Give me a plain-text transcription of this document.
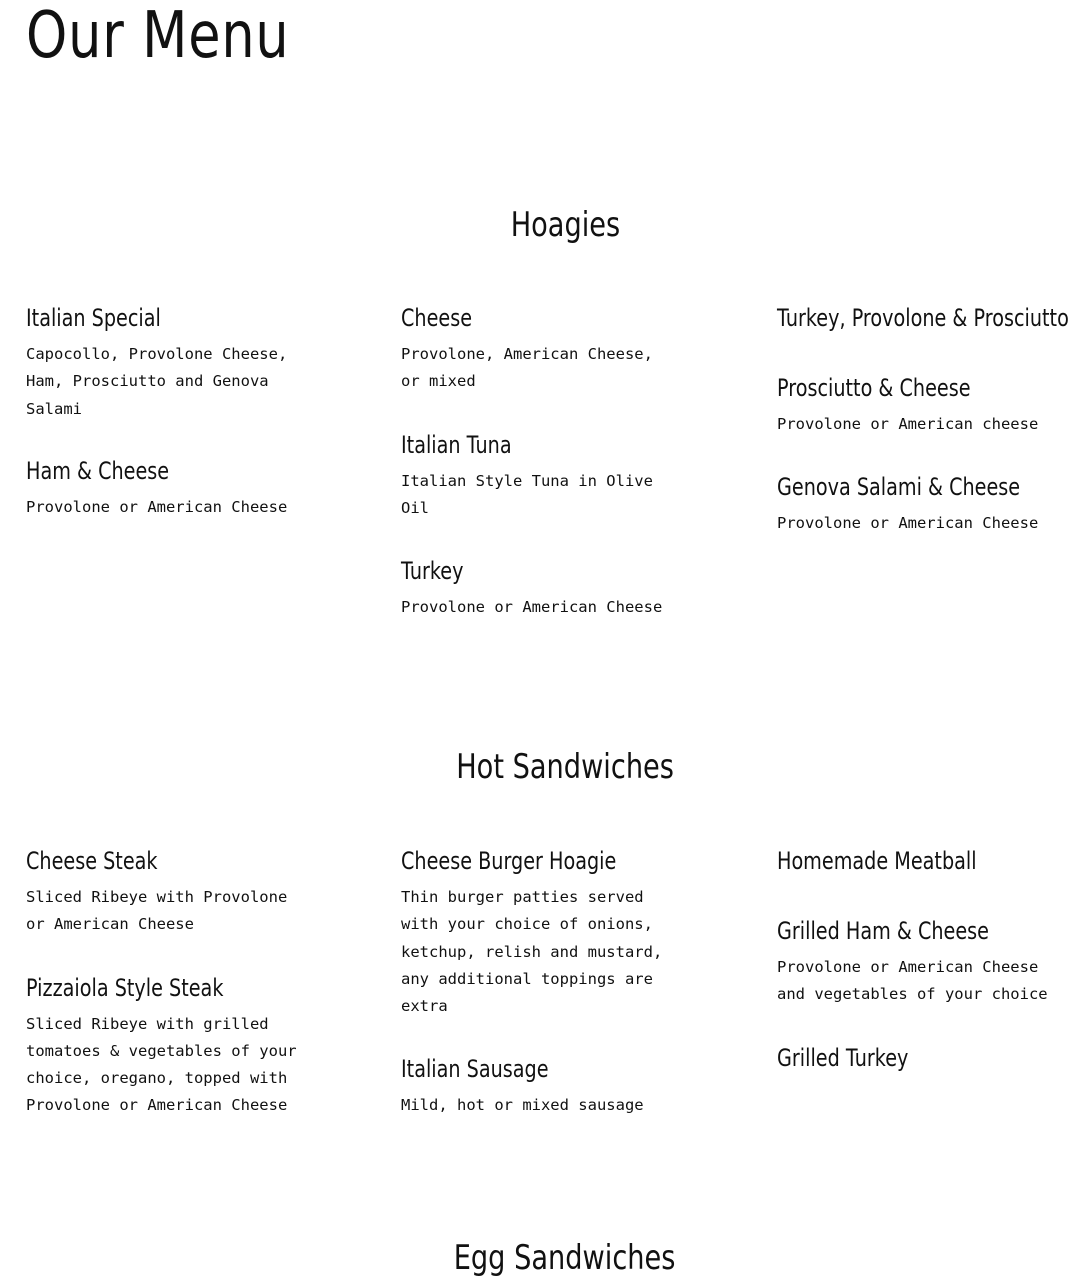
Our Menu
Hoagies
Italian Special

Capocollo, Provolone Cheese,
Ham, Prosciutto and Genova
Salami

Ham & Cheese

Provolone or American Cheese

Cheese

Provolone, American Cheese,
or mixed

Italian Tuna

Italian Style Tuna in Olive
Oil

Turkey

Provolone or American Cheese

Turkey, Provolone & Prosciutto
Prosciutto & Cheese

Provolone or American cheese

Genova Salami & Cheese

Provolone or American Cheese

Hot Sandwiches
Cheese Steak

Sliced Ribeye with Provolone
or American Cheese

Pizzaiola Style Steak

Sliced Ribeye with grilled
tomatoes & vegetables of your
choice, oregano, topped with
Provolone or American Cheese

Cheese Burger Hoagie

Thin burger patties served
with your choice of onions,
ketchup, relish and mustard,
any additional toppings are
extra

Italian Sausage

Mild, hot or mixed sausage

Homemade Meatball
Grilled Ham & Cheese

Provolone or American Cheese
and vegetables of your choice

Grilled Turkey
Egg Sandwiches
